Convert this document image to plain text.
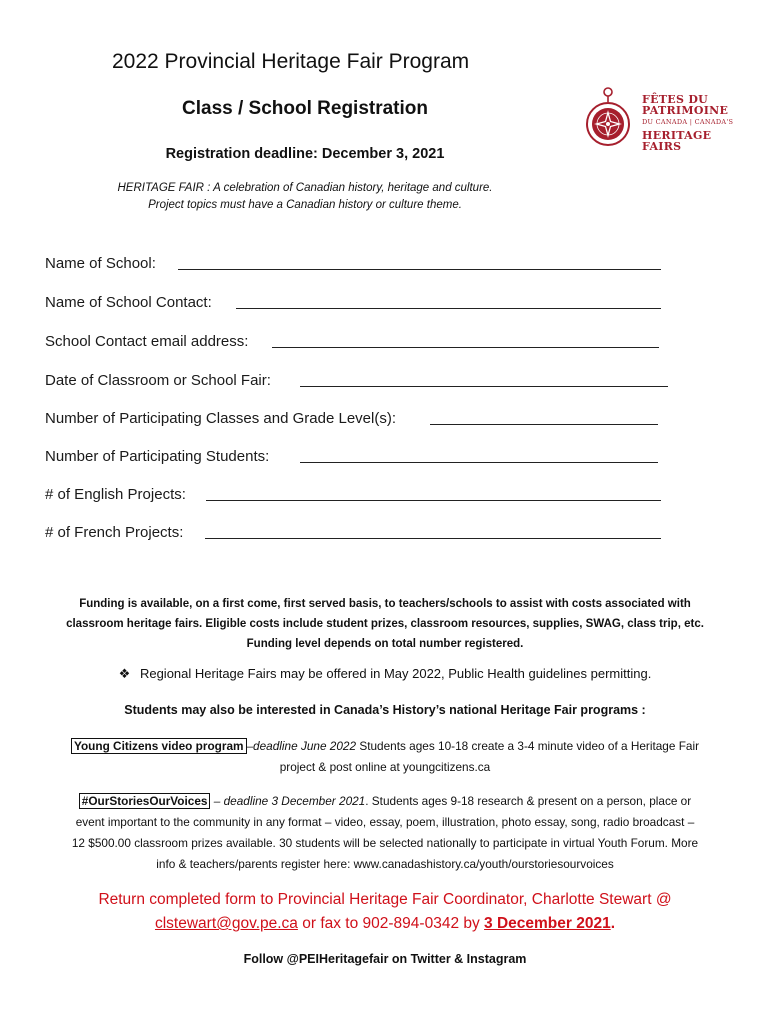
2022 Provincial Heritage Fair Program
Class / School Registration
Registration deadline: December 3, 2021
HERITAGE FAIR : A celebration of Canadian history, heritage and culture.
Project topics must have a Canadian history or culture theme.
FÊTES DU
PATRIMOINE
DU CANADA | CANADA'S
HERITAGE
FAIRS
Name of School:
Name of School Contact:
School Contact email address:
Date of Classroom or School Fair:
Number of Participating Classes and Grade Level(s):
Number of Participating Students:
# of English Projects:
# of French Projects:
Funding is available, on a first come, first served basis, to teachers/schools to assist with costs associated with
classroom heritage fairs. Eligible costs include student prizes, classroom resources, supplies, SWAG, class trip, etc.
Funding level depends on total number registered.
❖ Regional Heritage Fairs may be offered in May 2022, Public Health guidelines permitting.
Students may also be interested in Canada’s History’s national Heritage Fair programs :
Young Citizens video program –deadline June 2022 Students ages 10-18 create a 3-4 minute video of a Heritage Fair
project & post online at youngcitizens.ca
#OurStoriesOurVoices – deadline 3 December 2021. Students ages 9-18 research & present on a person, place or
event important to the community in any format – video, essay, poem, illustration, photo essay, song, radio broadcast –
12 $500.00 classroom prizes available. 30 students will be selected nationally to participate in virtual Youth Forum. More
info & teachers/parents register here: www.canadashistory.ca/youth/ourstoriesourvoices
Return completed form to Provincial Heritage Fair Coordinator, Charlotte Stewart @
clstewart@gov.pe.ca or fax to 902-894-0342 by 3 December 2021.
Follow @PEIHeritagefair on Twitter & Instagram
